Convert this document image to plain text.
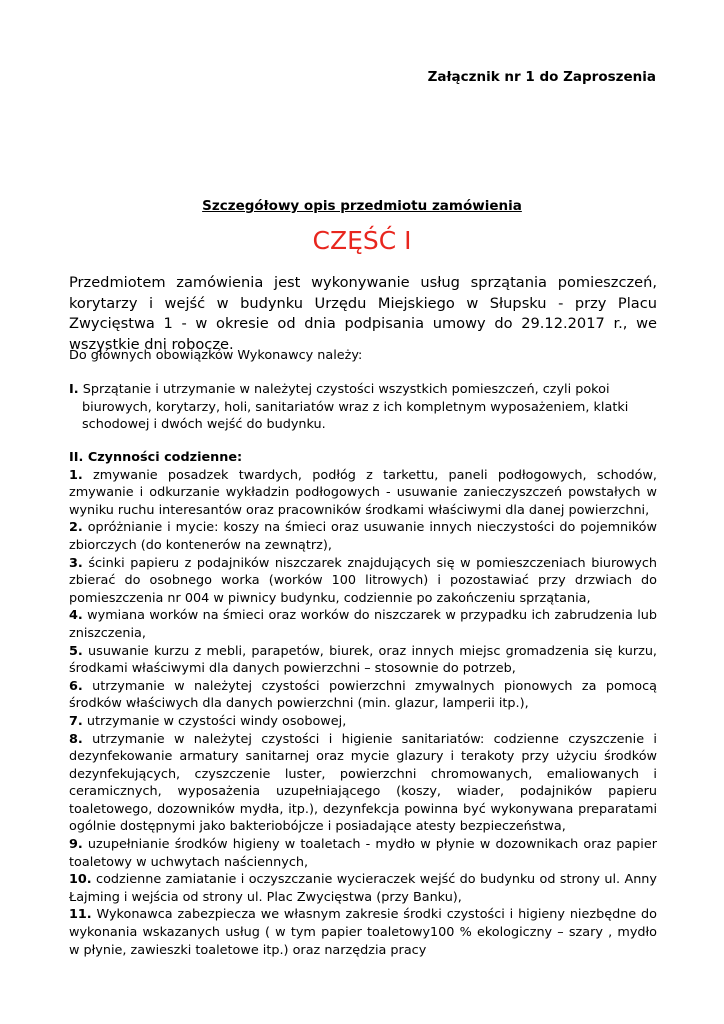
Załącznik nr 1 do Zaproszenia
Szczegółowy opis przedmiotu zamówienia
CZĘŚĆ I
Przedmiotem zamówienia jest wykonywanie usług sprzątania pomieszczeń, korytarzy i wejść w budynku Urzędu Miejskiego w Słupsku - przy Placu Zwycięstwa 1 - w okresie od dnia podpisania umowy do 29.12.2017 r., we wszystkie dni robocze.
Do głównych obowiązków Wykonawcy należy:
I. Sprzątanie i utrzymanie w należytej czystości wszystkich pomieszczeń, czyli pokoi biurowych, korytarzy, holi, sanitariatów wraz z ich kompletnym wyposażeniem, klatki schodowej i dwóch wejść do budynku.
II. Czynności codzienne:
1. zmywanie posadzek twardych, podłóg z tarkettu, paneli podłogowych, schodów, zmywanie i odkurzanie wykładzin podłogowych - usuwanie zanieczyszczeń powstałych w wyniku ruchu interesantów oraz pracowników środkami właściwymi dla danej powierzchni,
2. opróżnianie i mycie: koszy na śmieci oraz usuwanie innych nieczystości do pojemników zbiorczych (do kontenerów na zewnątrz),
3. ścinki papieru z podajników niszczarek znajdujących się w pomieszczeniach biurowych zbierać do osobnego worka (worków 100 litrowych) i pozostawiać przy drzwiach do pomieszczenia nr 004 w piwnicy budynku, codziennie po zakończeniu sprzątania,
4. wymiana worków na śmieci oraz worków do niszczarek w przypadku ich zabrudzenia lub zniszczenia,
5. usuwanie kurzu z mebli, parapetów, biurek, oraz innych miejsc gromadzenia się kurzu, środkami właściwymi dla danych powierzchni – stosownie do potrzeb,
6. utrzymanie w należytej czystości powierzchni zmywalnych pionowych za pomocą środków właściwych dla danych powierzchni (min. glazur, lamperii itp.),
7. utrzymanie w czystości windy osobowej,
8. utrzymanie w należytej czystości i higienie sanitariatów: codzienne czyszczenie i dezynfekowanie armatury sanitarnej oraz mycie glazury i terakoty przy użyciu środków dezynfekujących, czyszczenie luster, powierzchni chromowanych, emaliowanych i ceramicznych, wyposażenia uzupełniającego (koszy, wiader, podajników papieru toaletowego, dozowników mydła, itp.), dezynfekcja powinna być wykonywana preparatami ogólnie dostępnymi jako bakteriobójcze i posiadające atesty bezpieczeństwa,
9. uzupełnianie środków higieny w toaletach - mydło w płynie w dozownikach oraz papier toaletowy w uchwytach naściennych,
10. codzienne zamiatanie i oczyszczanie wycieraczek wejść do budynku od strony ul. Anny Łajming i wejścia od strony ul. Plac Zwycięstwa (przy Banku),
11. Wykonawca zabezpiecza we własnym zakresie środki czystości i higieny niezbędne do wykonania wskazanych usług ( w tym papier toaletowy100 % ekologiczny – szary , mydło w płynie, zawieszki toaletowe itp.) oraz narzędzia pracy
